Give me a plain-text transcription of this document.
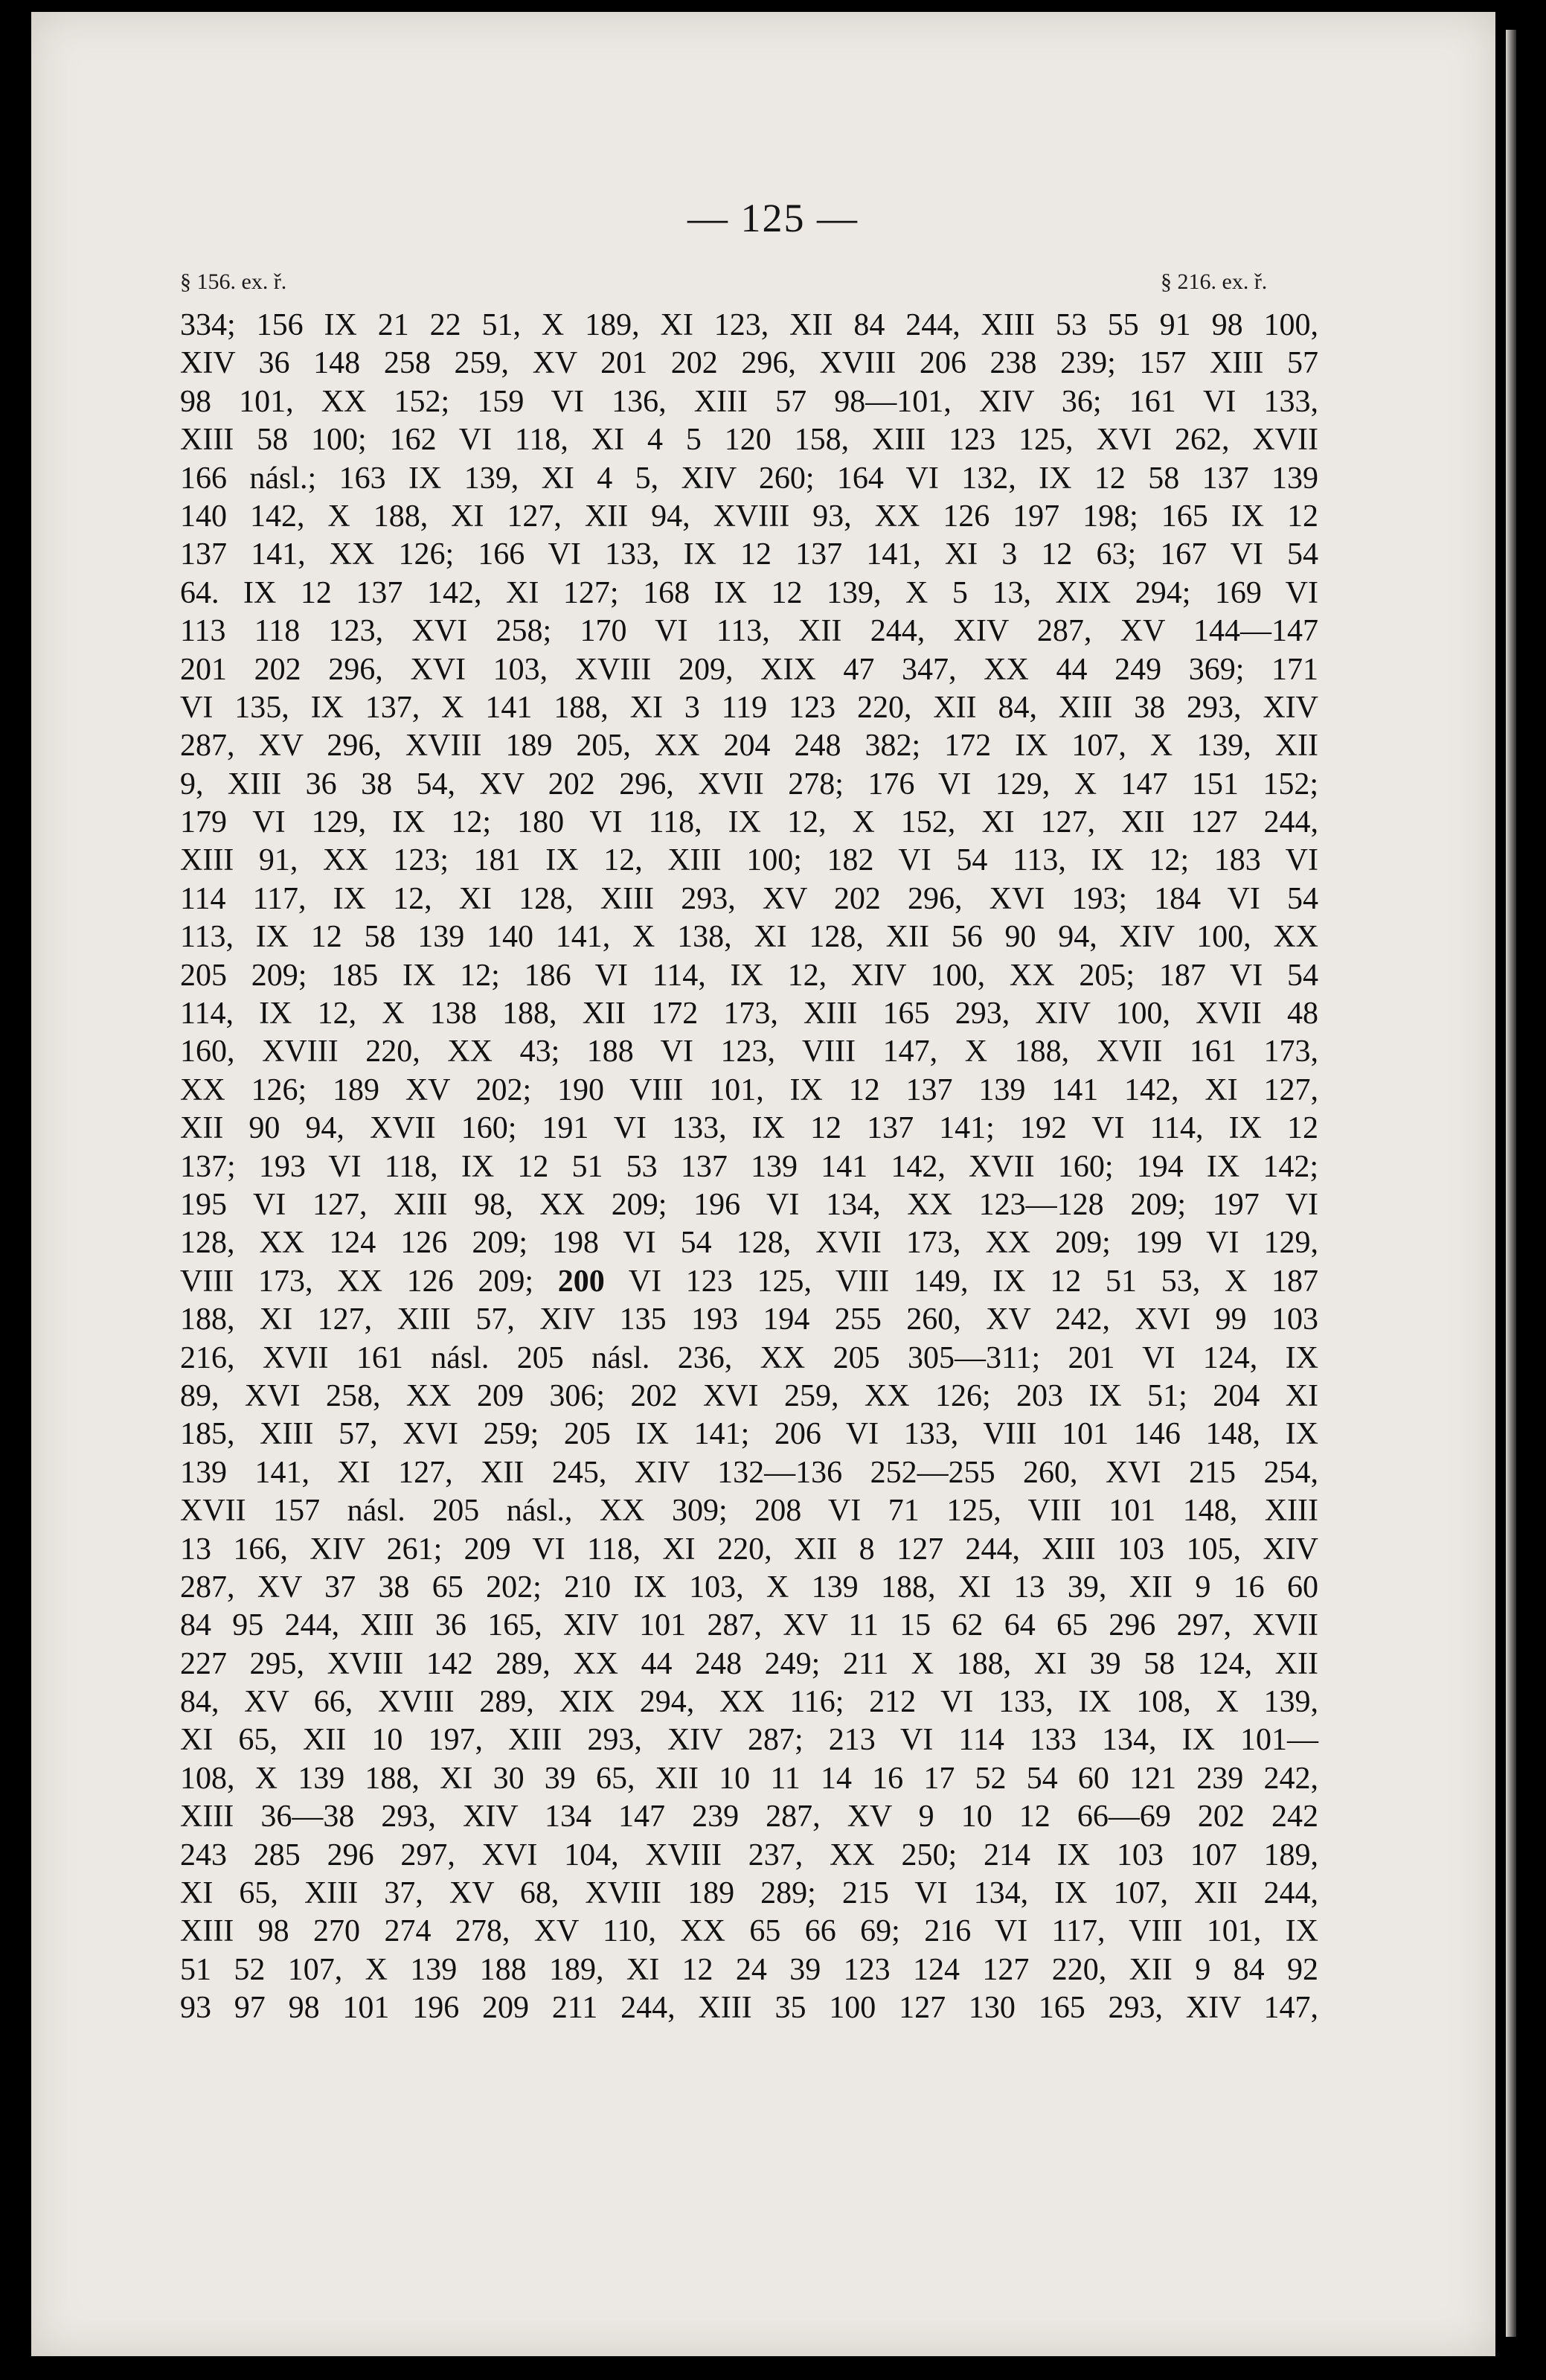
— 125 —
§ 156. ex. ř.	§ 216. ex. ř.
334; 156 IX 21 22 51, X 189, XI 123, XII 84 244, XIII 53 55 91 98 100,
XIV 36 148 258 259, XV 201 202 296, XVIII 206 238 239; 157 XIII 57
98 101, XX 152; 159 VI 136, XIII 57 98—101, XIV 36; 161 VI 133,
XIII 58 100; 162 VI 118, XI 4 5 120 158, XIII 123 125, XVI 262, XVII
166 násl.; 163 IX 139, XI 4 5, XIV 260; 164 VI 132, IX 12 58 137 139
140 142, X 188, XI 127, XII 94, XVIII 93, XX 126 197 198; 165 IX 12
137 141, XX 126; 166 VI 133, IX 12 137 141, XI 3 12 63; 167 VI 54
64. IX 12 137 142, XI 127; 168 IX 12 139, X 5 13, XIX 294; 169 VI
113 118 123, XVI 258; 170 VI 113, XII 244, XIV 287, XV 144—147
201 202 296, XVI 103, XVIII 209, XIX 47 347, XX 44 249 369; 171
VI 135, IX 137, X 141 188, XI 3 119 123 220, XII 84, XIII 38 293, XIV
287, XV 296, XVIII 189 205, XX 204 248 382; 172 IX 107, X 139, XII
9, XIII 36 38 54, XV 202 296, XVII 278; 176 VI 129, X 147 151 152;
179 VI 129, IX 12; 180 VI 118, IX 12, X 152, XI 127, XII 127 244,
XIII 91, XX 123; 181 IX 12, XIII 100; 182 VI 54 113, IX 12; 183 VI
114 117, IX 12, XI 128, XIII 293, XV 202 296, XVI 193; 184 VI 54
113, IX 12 58 139 140 141, X 138, XI 128, XII 56 90 94, XIV 100, XX
205 209; 185 IX 12; 186 VI 114, IX 12, XIV 100, XX 205; 187 VI 54
114, IX 12, X 138 188, XII 172 173, XIII 165 293, XIV 100, XVII 48
160, XVIII 220, XX 43; 188 VI 123, VIII 147, X 188, XVII 161 173,
XX 126; 189 XV 202; 190 VIII 101, IX 12 137 139 141 142, XI 127,
XII 90 94, XVII 160; 191 VI 133, IX 12 137 141; 192 VI 114, IX 12
137; 193 VI 118, IX 12 51 53 137 139 141 142, XVII 160; 194 IX 142;
195 VI 127, XIII 98, XX 209; 196 VI 134, XX 123—128 209; 197 VI
128, XX 124 126 209; 198 VI 54 128, XVII 173, XX 209; 199 VI 129,
VIII 173, XX 126 209; 200 VI 123 125, VIII 149, IX 12 51 53, X 187
188, XI 127, XIII 57, XIV 135 193 194 255 260, XV 242, XVI 99 103
216, XVII 161 násl. 205 násl. 236, XX 205 305—311; 201 VI 124, IX
89, XVI 258, XX 209 306; 202 XVI 259, XX 126; 203 IX 51; 204 XI
185, XIII 57, XVI 259; 205 IX 141; 206 VI 133, VIII 101 146 148, IX
139 141, XI 127, XII 245, XIV 132—136 252—255 260, XVI 215 254,
XVII 157 násl. 205 násl., XX 309; 208 VI 71 125, VIII 101 148, XIII
13 166, XIV 261; 209 VI 118, XI 220, XII 8 127 244, XIII 103 105, XIV
287, XV 37 38 65 202; 210 IX 103, X 139 188, XI 13 39, XII 9 16 60
84 95 244, XIII 36 165, XIV 101 287, XV 11 15 62 64 65 296 297, XVII
227 295, XVIII 142 289, XX 44 248 249; 211 X 188, XI 39 58 124, XII
84, XV 66, XVIII 289, XIX 294, XX 116; 212 VI 133, IX 108, X 139,
XI 65, XII 10 197, XIII 293, XIV 287; 213 VI 114 133 134, IX 101—
108, X 139 188, XI 30 39 65, XII 10 11 14 16 17 52 54 60 121 239 242,
XIII 36—38 293, XIV 134 147 239 287, XV 9 10 12 66—69 202 242
243 285 296 297, XVI 104, XVIII 237, XX 250; 214 IX 103 107 189,
XI 65, XIII 37, XV 68, XVIII 189 289; 215 VI 134, IX 107, XII 244,
XIII 98 270 274 278, XV 110, XX 65 66 69; 216 VI 117, VIII 101, IX
51 52 107, X 139 188 189, XI 12 24 39 123 124 127 220, XII 9 84 92
93 97 98 101 196 209 211 244, XIII 35 100 127 130 165 293, XIV 147,
